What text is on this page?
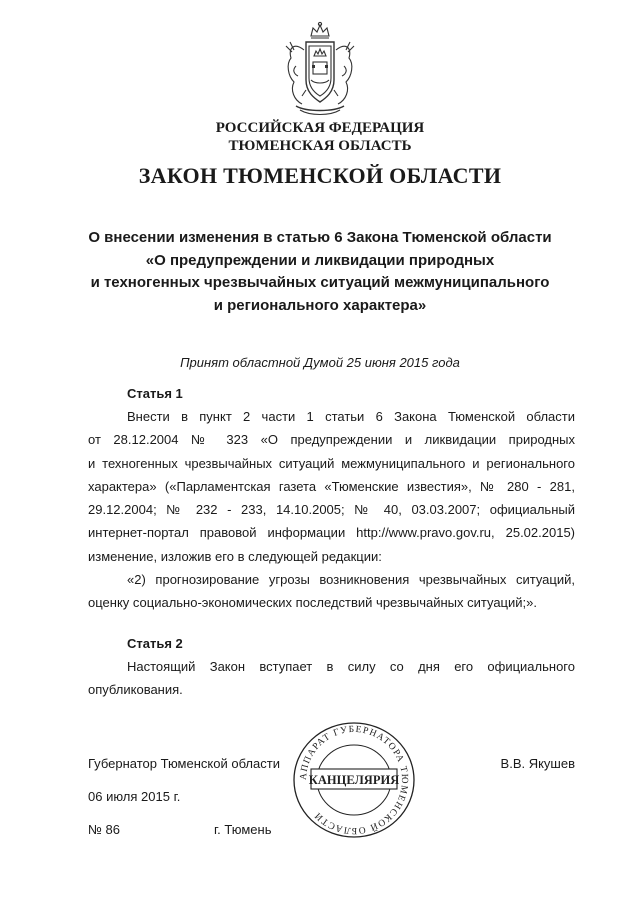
РОССИЙСКАЯ ФЕДЕРАЦИЯ
ТЮМЕНСКАЯ ОБЛАСТЬ
ЗАКОН ТЮМЕНСКОЙ ОБЛАСТИ
О внесении изменения в статью 6 Закона Тюменской области
«О предупреждении и ликвидации природных
и техногенных чрезвычайных ситуаций межмуниципального
и регионального характера»
Принят областной Думой 25 июня 2015 года
Статья 1
Внести в пункт 2 части 1 статьи 6 Закона Тюменской области
от 28.12.2004 № 323 «О предупреждении и ликвидации природных
и техногенных чрезвычайных ситуаций межмуниципального и регионального
характера» («Парламентская газета «Тюменские известия», № 280 - 281,
29.12.2004; № 232 - 233, 14.10.2005; № 40, 03.03.2007; официальный
интернет-портал правовой информации http://www.pravo.gov.ru, 25.02.2015)
изменение, изложив его в следующей редакции:
«2) прогнозирование угрозы возникновения чрезвычайных ситуаций,
оценку социально-экономических последствий чрезвычайных ситуаций;».
Статья 2
Настоящий Закон вступает в силу со дня его официального
опубликования.
Губернатор Тюменской области	В.В. Якушев
06 июля 2015 г.
№ 86	г. Тюмень
АППАРАТ ГУБЕРНАТОРА ТЮМЕНСКОЙ ОБЛАСТИ
КАНЦЕЛЯРИЯ
